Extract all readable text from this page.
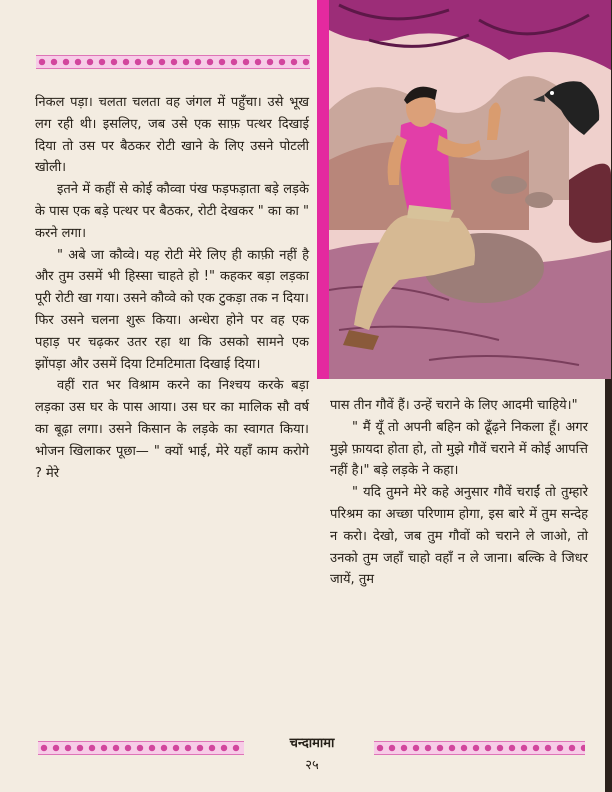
निकल पड़ा। चलता चलता वह जंगल में पहुँचा। उसे भूख लग रही थी। इसलिए, जब उसे एक साफ़ पत्थर दिखाई दिया तो उस पर बैठकर रोटी खाने के लिए उसने पोटली खोली।

इतने में कहीं से कोई कौव्वा पंख फड़फड़ाता बड़े लड़के के पास एक बड़े पत्थर पर बैठकर, रोटी देखकर " का का " करने लगा।

" अबे जा कौव्वे। यह रोटी मेरे लिए ही काफ़ी नहीं है और तुम उसमें भी हिस्सा चाहते हो !" कहकर बड़ा लड़का पूरी रोटी खा गया। उसने कौव्वे को एक टुकड़ा तक न दिया। फिर उसने चलना शुरू किया। अन्धेरा होने पर वह एक पहाड़ पर चढ़कर उतर रहा था कि उसको सामने एक झोंपड़ा और उसमें दिया टिमटिमाता दिखाई दिया।

वहीं रात भर विश्राम करने का निश्चय करके बड़ा लड़का उस घर के पास आया। उस घर का मालिक सौ वर्ष का बूढ़ा लगा। उसने किसान के लड़के का स्वागत किया। भोजन खिलाकर पूछा— " क्यों भाई, मेरे यहाँ काम करोगे ? मेरे

पास तीन गौवें हैं। उन्हें चराने के लिए आदमी चाहिये।"

" मैं यूँ तो अपनी बहिन को ढूँढ़ने निकला हूँ। अगर मुझे फ़ायदा होता हो, तो मुझे गौवें चराने में कोई आपत्ति नहीं है।" बड़े लड़के ने कहा।

" यदि तुमने मेरे कहे अनुसार गौवें चराईं तो तुम्हारे परिश्रम का अच्छा परिणाम होगा, इस बारे में तुम सन्देह न करो। देखो, जब तुम गौवों को चराने ले जाओ, तो उनको तुम जहाँ चाहो वहाँ न ले जाना। बल्कि वे जिधर जायें, तुम

चन्दामामा
२५
